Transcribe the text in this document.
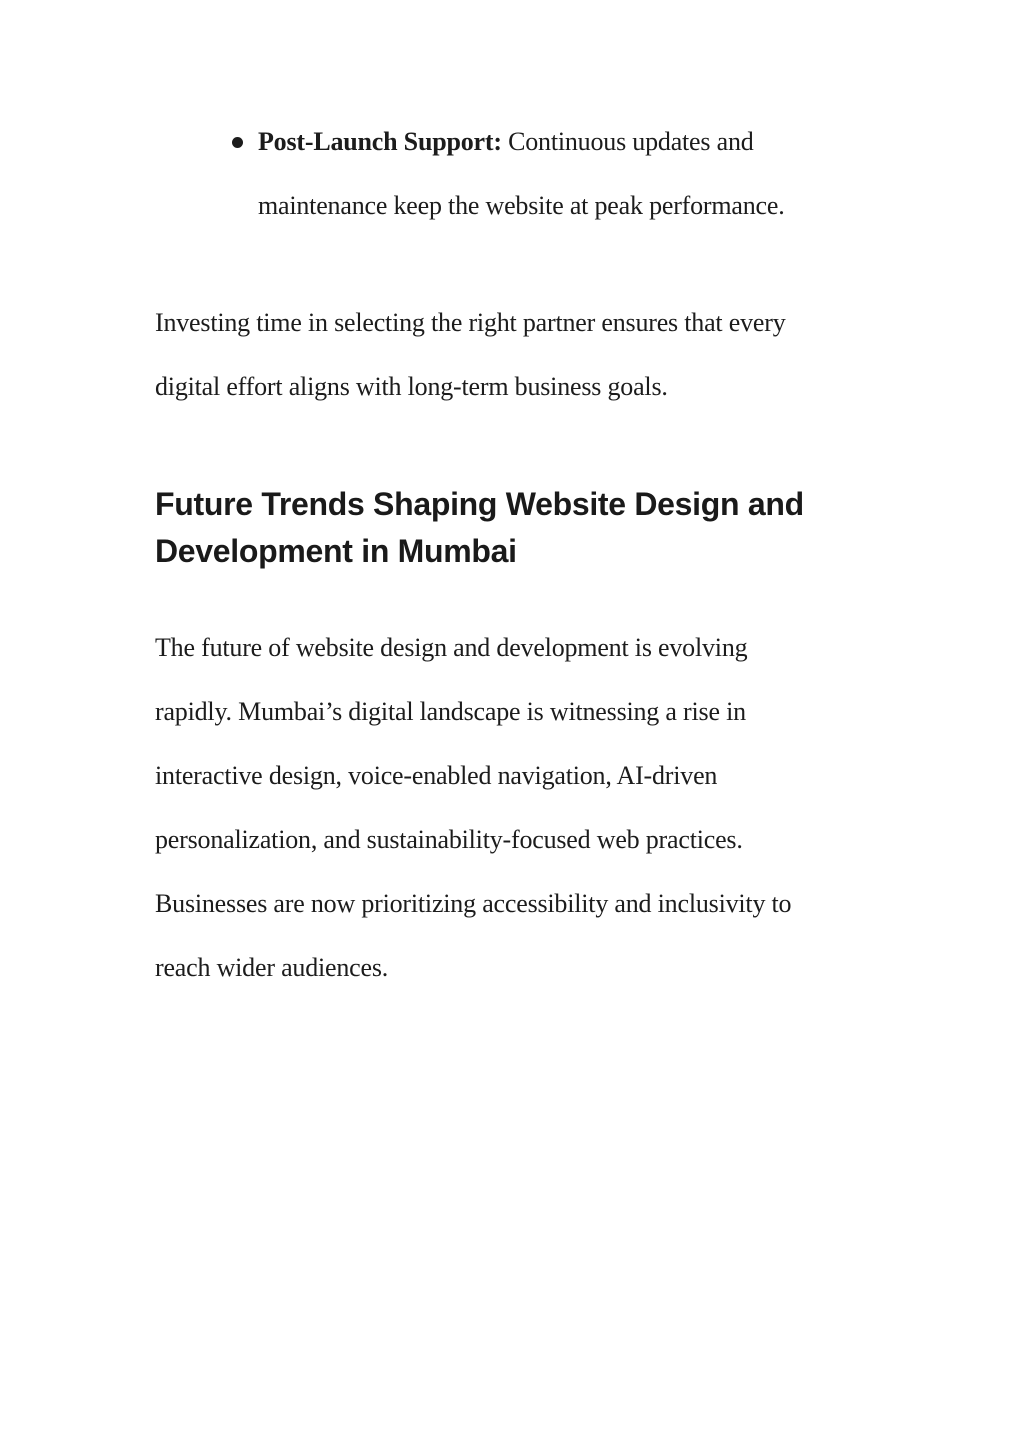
Post-Launch Support: Continuous updates and
maintenance keep the website at peak performance.
Investing time in selecting the right partner ensures that every
digital effort aligns with long-term business goals.
Future Trends Shaping Website Design and
Development in Mumbai
The future of website design and development is evolving
rapidly. Mumbai’s digital landscape is witnessing a rise in
interactive design, voice-enabled navigation, AI-driven
personalization, and sustainability-focused web practices.
Businesses are now prioritizing accessibility and inclusivity to
reach wider audiences.
